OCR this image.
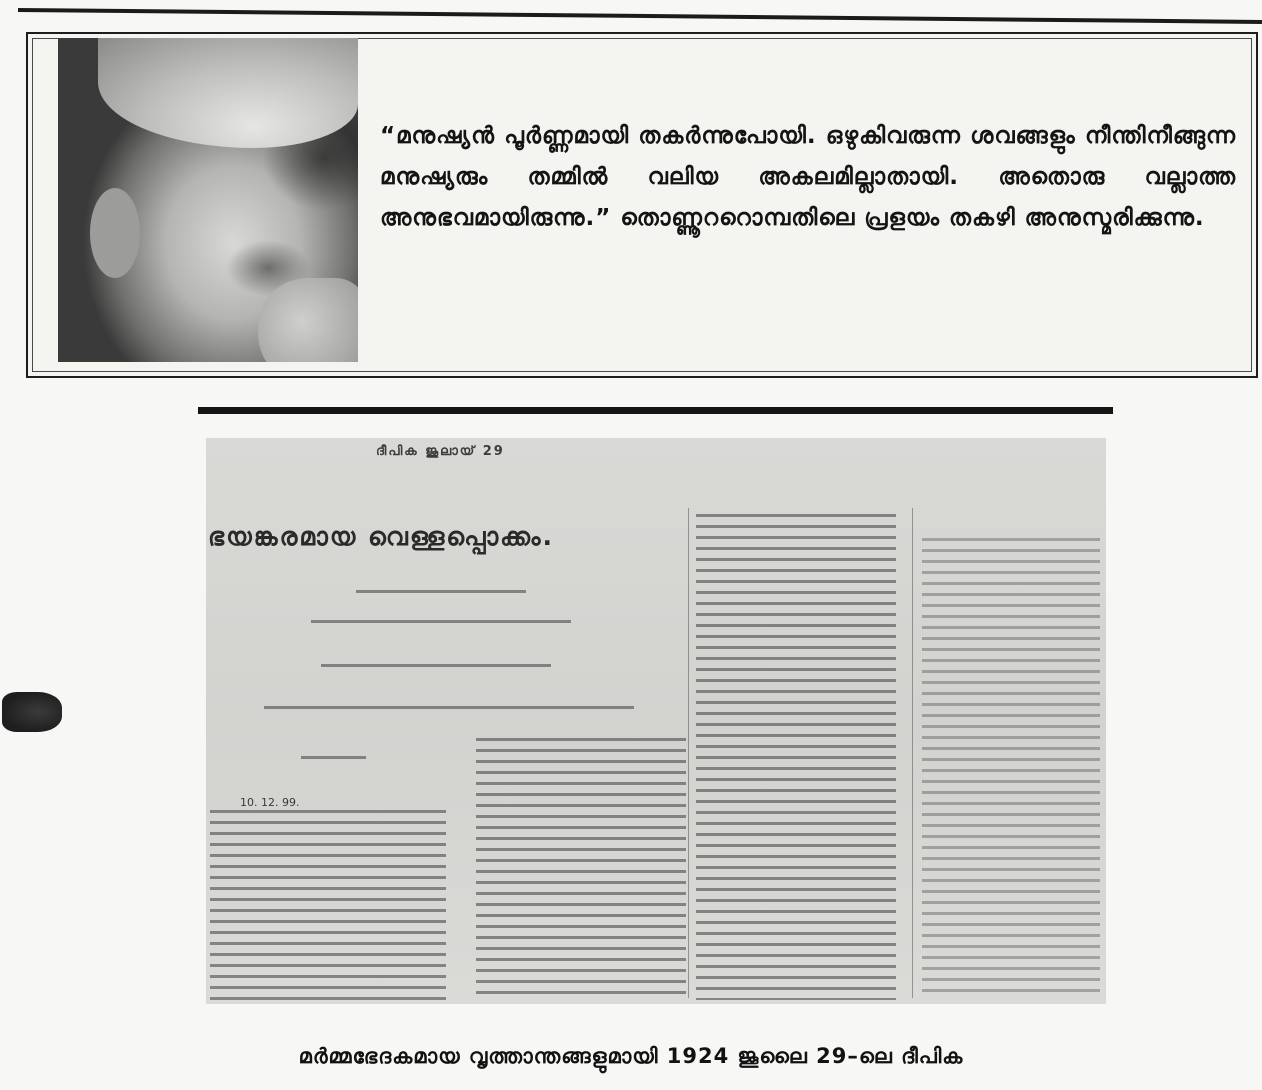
“മനുഷ്യൻ പൂർണ്ണമായി തകർന്നുപോയി. ഒഴുകിവരുന്ന ശവങ്ങളും നീന്തിനീങ്ങുന്ന മനുഷ്യരും തമ്മിൽ വലിയ അകലമില്ലാതായി. അതൊരു വല്ലാത്ത അനുഭവമായിരുന്നു.” തൊണ്ണൂററൊമ്പതിലെ പ്രളയം തകഴി അനുസ്മരിക്കുന്നു.

ദീപിക ജൂലായ് 29

ഭയങ്കരമായ വെള്ളപ്പൊക്കം.

10. 12. 99.

മർമ്മഭേദകമായ വൃത്താന്തങ്ങളുമായി 1924 ജൂലൈ 29–ലെ ദീപിക
